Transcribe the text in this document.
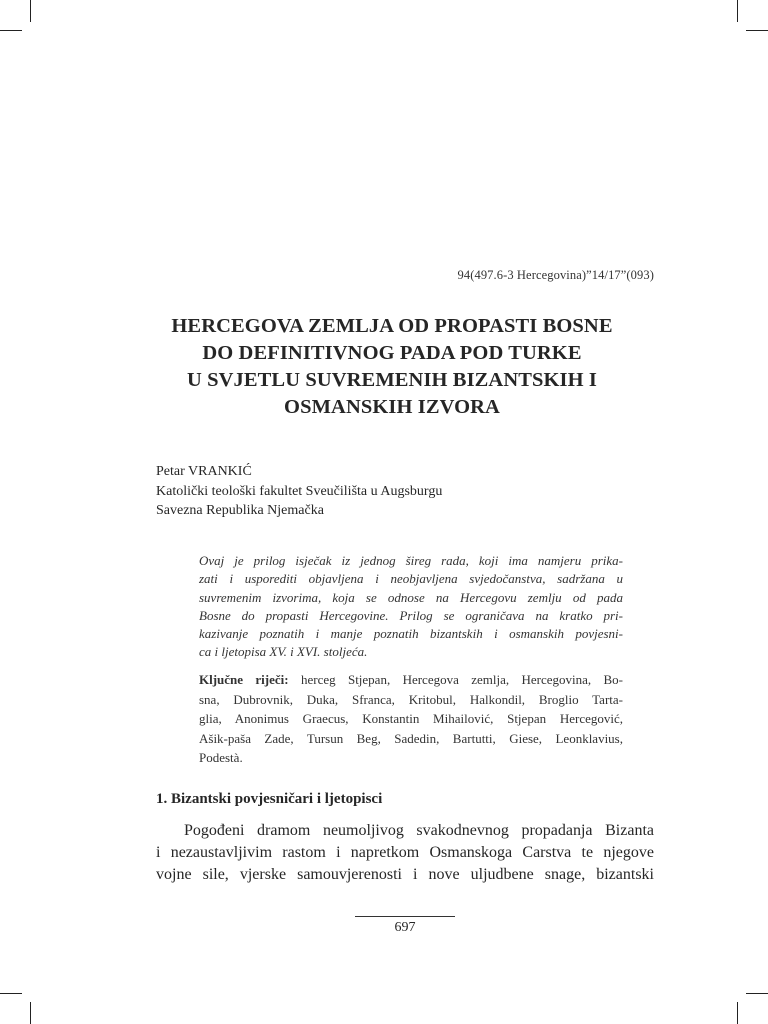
94(497.6-3 Hercegovina)”14/17”(093)
HERCEGOVA ZEMLJA OD PROPASTI BOSNE
DO DEFINITIVNOG PADA POD TURKE
U SVJETLU SUVREMENIH BIZANTSKIH I
OSMANSKIH IZVORA
Petar VRANKIĆ
Katolički teološki fakultet Sveučilišta u Augsburgu
Savezna Republika Njemačka
Ovaj je prilog isječak iz jednog šireg rada, koji ima namjeru prika-
zati i usporediti objavljena i neobjavljena svjedočanstva, sadržana u
suvremenim izvorima, koja se odnose na Hercegovu zemlju od pada
Bosne do propasti Hercegovine. Prilog se ograničava na kratko pri-
kazivanje poznatih i manje poznatih bizantskih i osmanskih povjesni-
ca i ljetopisa XV. i XVI. stoljeća.
Ključne riječi: herceg Stjepan, Hercegova zemlja, Hercegovina, Bo-
sna, Dubrovnik, Duka, Sfranca, Kritobul, Halkondil, Broglio Tarta-
glia, Anonimus Graecus, Konstantin Mihailović, Stjepan Hercegović,
Ašik-paša Zade, Tursun Beg, Sadedin, Bartutti, Giese, Leonklavius,
Podestà.
1. Bizantski povjesničari i ljetopisci
Pogođeni dramom neumoljivog svakodnevnog propadanja Bizanta
i nezaustavljivim rastom i napretkom Osmanskoga Carstva te njegove
vojne sile, vjerske samouvjerenosti i nove uljudbene snage, bizantski
697
